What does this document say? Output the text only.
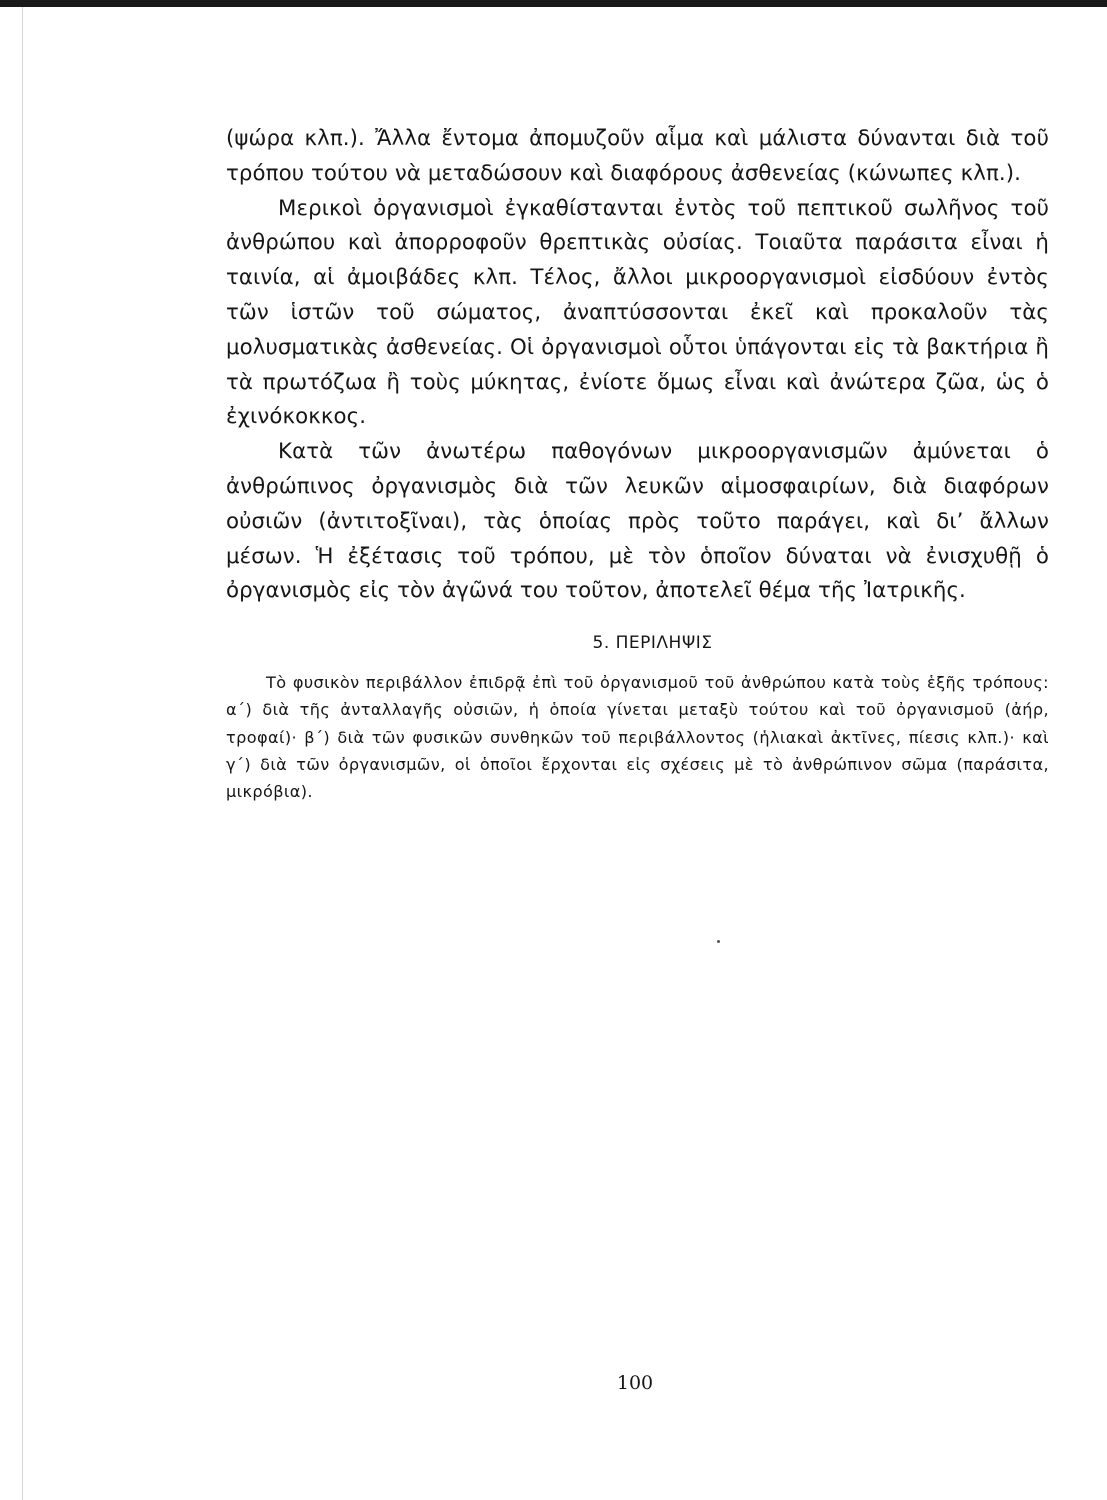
(ψώρα κλπ.). Ἄλλα ἔντομα ἀπομυζοῦν αἷμα καὶ μάλιστα δύνανται διὰ τοῦ τρόπου τούτου νὰ μεταδώσουν καὶ διαφόρους ἀσθενείας (κώνωπες κλπ.).

Μερικοὶ ὀργανισμοὶ ἐγκαθίστανται ἐντὸς τοῦ πεπτικοῦ σωλῆνος τοῦ ἀνθρώπου καὶ ἀπορροφοῦν θρεπτικὰς οὐσίας. Τοιαῦτα παράσιτα εἶναι ἡ ταινία, αἱ ἀμοιβάδες κλπ. Τέλος, ἄλλοι μικροοργανισμοὶ εἰσδύουν ἐντὸς τῶν ἱστῶν τοῦ σώματος, ἀναπτύσσονται ἐκεῖ καὶ προκαλοῦν τὰς μολυσματικὰς ἀσθενείας. Οἱ ὀργανισμοὶ οὗτοι ὑπάγονται εἰς τὰ βακτήρια ἢ τὰ πρωτόζωα ἢ τοὺς μύκητας, ἐνίοτε ὅμως εἶναι καὶ ἀνώτερα ζῶα, ὡς ὁ ἐχινόκοκκος.

Κατὰ τῶν ἀνωτέρω παθογόνων μικροοργανισμῶν ἀμύνεται ὁ ἀνθρώπινος ὀργανισμὸς διὰ τῶν λευκῶν αἱμοσφαιρίων, διὰ διαφόρων οὐσιῶν (ἀντιτοξῖναι), τὰς ὁποίας πρὸς τοῦτο παράγει, καὶ δι’ ἄλλων μέσων. Ἡ ἐξέτασις τοῦ τρόπου, μὲ τὸν ὁποῖον δύναται νὰ ἐνισχυθῇ ὁ ὀργανισμὸς εἰς τὸν ἀγῶνά του τοῦτον, ἀποτελεῖ θέμα τῆς Ἰατρικῆς.

5. ΠΕΡΙΛΗΨΙΣ

Τὸ φυσικὸν περιβάλλον ἐπιδρᾷ ἐπὶ τοῦ ὀργανισμοῦ τοῦ ἀνθρώπου κατὰ τοὺς ἑξῆς τρόπους: α΄) διὰ τῆς ἀνταλλαγῆς οὐσιῶν, ἡ ὁποία γίνεται μεταξὺ τούτου καὶ τοῦ ὀργανισμοῦ (ἀήρ, τροφαί)· β΄) διὰ τῶν φυσικῶν συνθηκῶν τοῦ περιβάλλοντος (ἡλιακαὶ ἀκτῖνες, πίεσις κλπ.)· καὶ γ΄) διὰ τῶν ὀργανισμῶν, οἱ ὁποῖοι ἔρχονται εἰς σχέσεις μὲ τὸ ἀνθρώπινον σῶμα (παράσιτα, μικρόβια).

100
